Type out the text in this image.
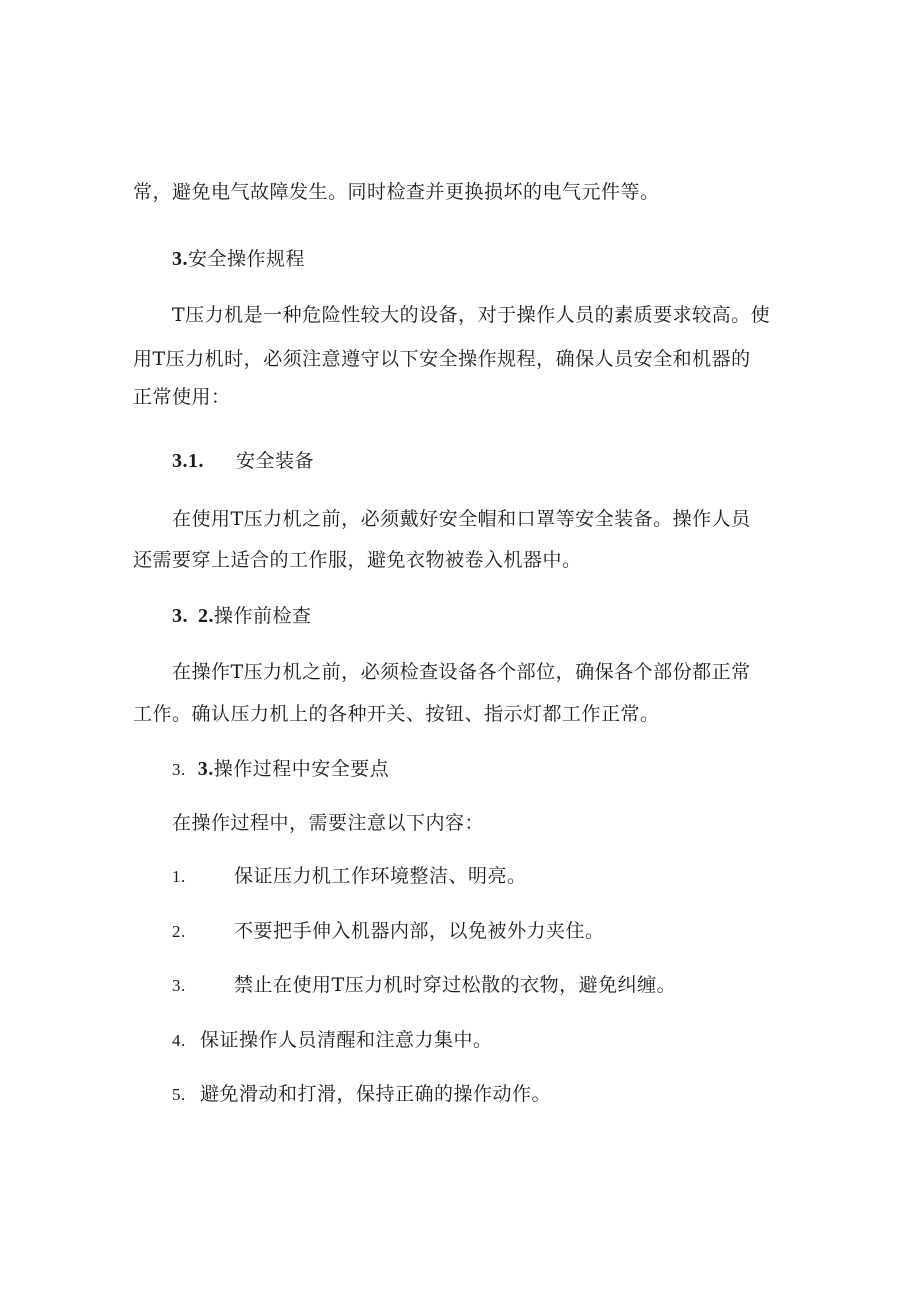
常，避免电气故障发生。同时检查并更换损坏的电气元件等。
3.安全操作规程
T压力机是一种危险性较大的设备，对于操作人员的素质要求较高。使
用T压力机时，必须注意遵守以下安全操作规程，确保人员安全和机器的
正常使用：
3.1. 安全装备
在使用T压力机之前，必须戴好安全帽和口罩等安全装备。操作人员
还需要穿上适合的工作服，避免衣物被卷入机器中。
3. 2.操作前检查
在操作T压力机之前，必须检查设备各个部位，确保各个部份都正常
工作。确认压力机上的各种开关、按钮、指示灯都工作正常。
3. 3.操作过程中安全要点
在操作过程中，需要注意以下内容：
1.	保证压力机工作环境整洁、明亮。
2.	不要把手伸入机器内部，以免被外力夹住。
3.	禁止在使用T压力机时穿过松散的衣物，避免纠缠。
4. 保证操作人员清醒和注意力集中。
5. 避免滑动和打滑，保持正确的操作动作。
